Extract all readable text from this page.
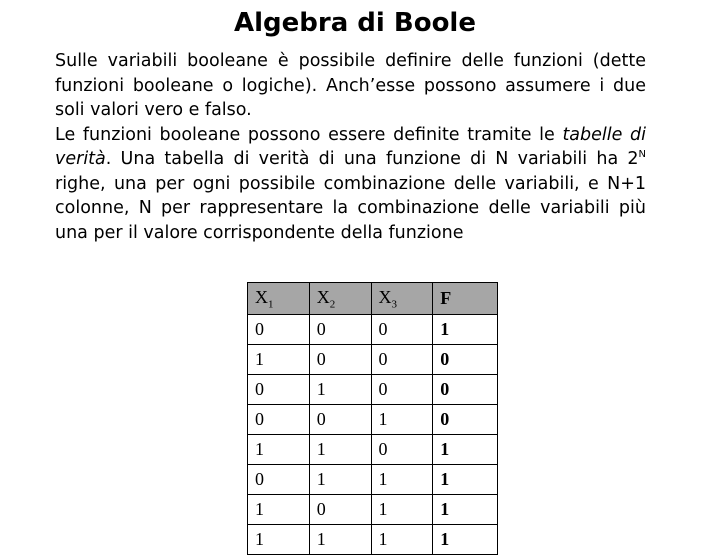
Algebra di Boole

Sulle variabili booleane è possibile definire delle funzioni (dette funzioni booleane o logiche). Anch’esse possono assumere i due soli valori vero e falso.

Le funzioni booleane possono essere definite tramite le tabelle di verità. Una tabella di verità di una funzione di N variabili ha $2^N$ righe, una per ogni possibile combinazione delle variabili, e N+1 colonne, N per rappresentare la combinazione delle variabili più una per il valore corrispondente della funzione

$X_1$	$X_2$	$X_3$	F
0	0	0	1
1	0	0	0
0	1	0	0
0	0	1	0
1	1	0	1
0	1	1	1
1	0	1	1
1	1	1	1
